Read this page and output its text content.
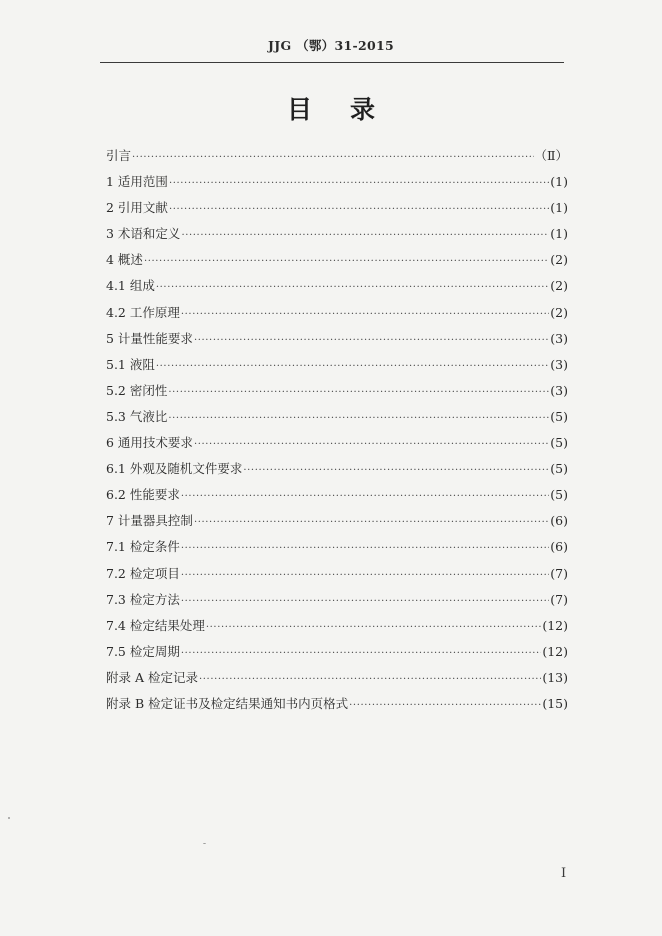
JJG （鄂）31-2015
目录
引言 ·····	（Ⅱ）
1 适用范围 ·····	(1)
2 引用文献 ·····	(1)
3 术语和定义 ·····	(1)
4 概述 ·····	(2)
4.1 组成 ·····	(2)
4.2 工作原理 ·····	(2)
5 计量性能要求 ·····	(3)
5.1 液阻 ·····	(3)
5.2 密闭性 ·····	(3)
5.3 气液比 ·····	(5)
6 通用技术要求 ·····	(5)
6.1 外观及随机文件要求 ·····	(5)
6.2 性能要求 ·····	(5)
7 计量器具控制 ·····	(6)
7.1 检定条件 ·····	(6)
7.2 检定项目 ·····	(7)
7.3 检定方法 ·····	(7)
7.4 检定结果处理 ·····	(12)
7.5 检定周期 ·····	(12)
附录 A 检定记录 ·····	(13)
附录 B 检定证书及检定结果通知书内页格式 ·····	(15)
I
